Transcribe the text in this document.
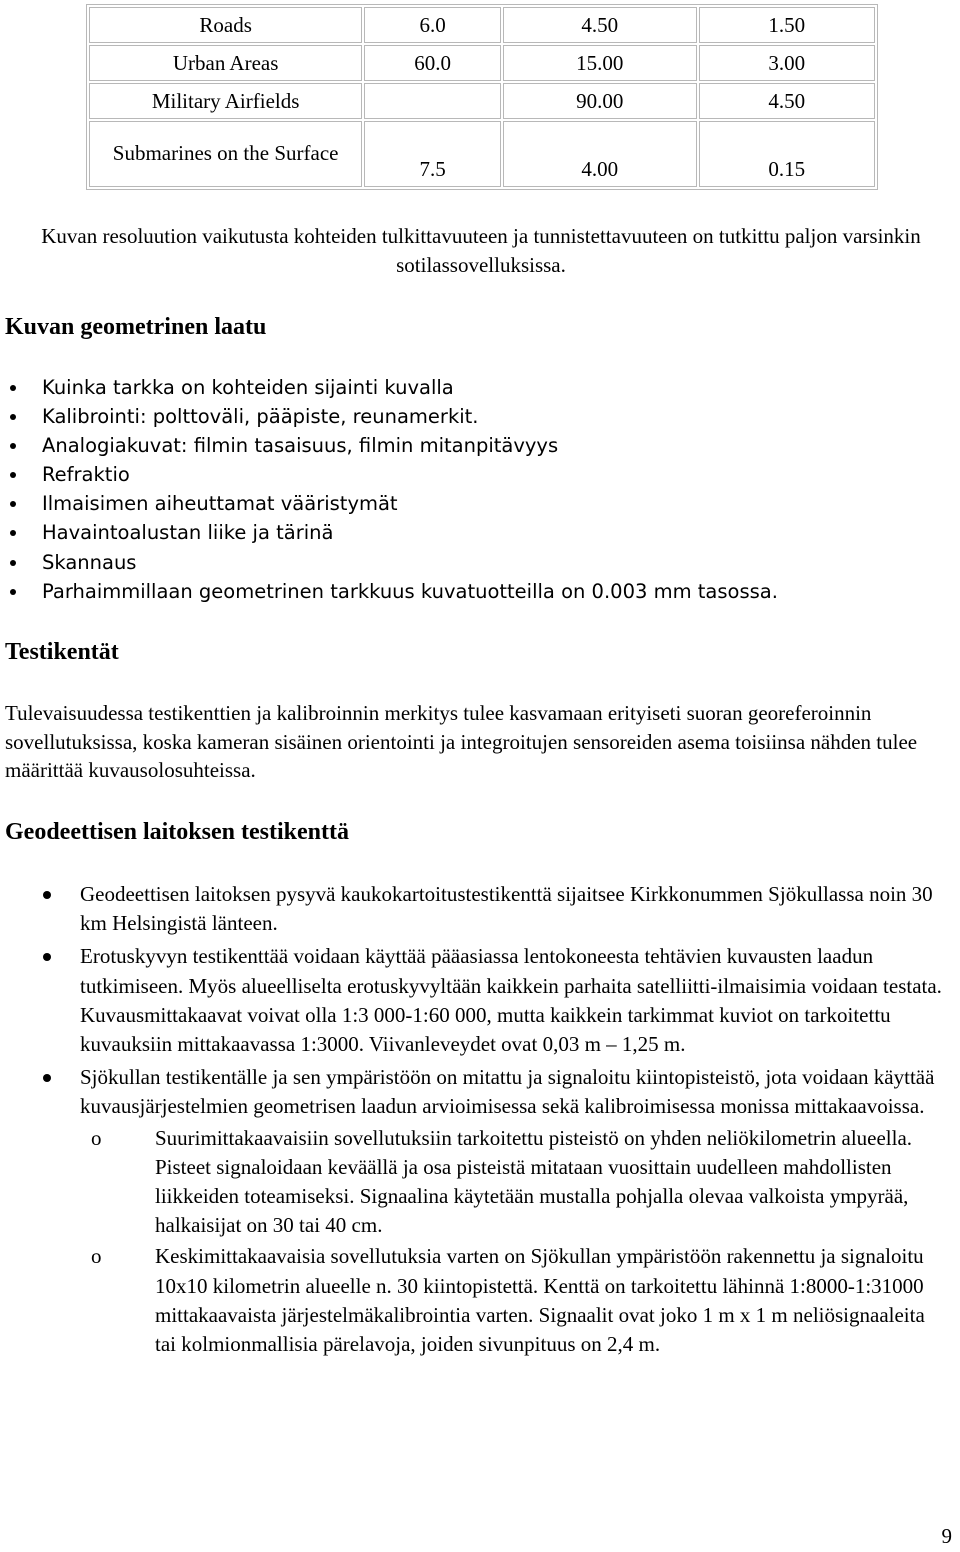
Roads	6.0	4.50	1.50
Urban Areas	60.0	15.00	3.00
Military Airfields		90.00	4.50
Submarines on the Surface	7.5	4.00	0.15

Kuvan resoluution vaikutusta kohteiden tulkittavuuteen ja tunnistettavuuteen on tutkittu paljon varsinkin sotilassovelluksissa.

Kuvan geometrinen laatu
Kuinka tarkka on kohteiden sijainti kuvalla
Kalibrointi: polttoväli, pääpiste, reunamerkit.
Analogiakuvat: filmin tasaisuus, filmin mitanpitävyys
Refraktio
Ilmaisimen aiheuttamat vääristymät
Havaintoalustan liike ja tärinä
Skannaus
Parhaimmillaan geometrinen tarkkuus kuvatuotteilla on 0.003 mm tasossa.
Testikentät

Tulevaisuudessa testikenttien ja kalibroinnin merkitys tulee kasvamaan erityiseti suoran georeferoinnin sovellutuksissa, koska kameran sisäinen orientointi ja integroitujen sensoreiden asema toisiinsa nähden tulee määrittää kuvausolosuhteissa.

Geodeettisen laitoksen testikenttä
Geodeettisen laitoksen pysyvä kaukokartoitustestikenttä sijaitsee Kirkkonummen Sjökullassa noin 30 km Helsingistä länteen.
Erotuskyvyn testikenttää voidaan käyttää pääasiassa lentokoneesta tehtävien kuvausten laadun tutkimiseen. Myös alueelliselta erotuskyvyltään kaikkein parhaita satelliitti-ilmaisimia voidaan testata. Kuvausmittakaavat voivat olla 1:3 000-1:60 000, mutta kaikkein tarkimmat kuviot on tarkoitettu kuvauksiin mittakaavassa 1:3000. Viivanleveydet ovat 0,03 m – 1,25 m.
Sjökullan testikentälle ja sen ympäristöön on mitattu ja signaloitu kiintopisteistö, jota voidaan käyttää kuvausjärjestelmien geometrisen laadun arvioimisessa sekä kalibroimisessa monissa mittakaavoissa.
o	Suurimittakaavaisiin sovellutuksiin tarkoitettu pisteistö on yhden neliökilometrin alueella. Pisteet signaloidaan keväällä ja osa pisteistä mitataan vuosittain uudelleen mahdollisten liikkeiden toteamiseksi. Signaalina käytetään mustalla pohjalla olevaa valkoista ympyrää, halkaisijat on 30 tai 40 cm.
o	Keskimittakaavaisia sovellutuksia varten on Sjökullan ympäristöön rakennettu ja signaloitu 10x10 kilometrin alueelle n. 30 kiintopistettä. Kenttä on tarkoitettu lähinnä 1:8000-1:31000 mittakaavaista järjestelmäkalibrointia varten. Signaalit ovat joko 1 m x 1 m neliösignaaleita tai kolmionmallisia pärelavoja, joiden sivunpituus on 2,4 m.

9
